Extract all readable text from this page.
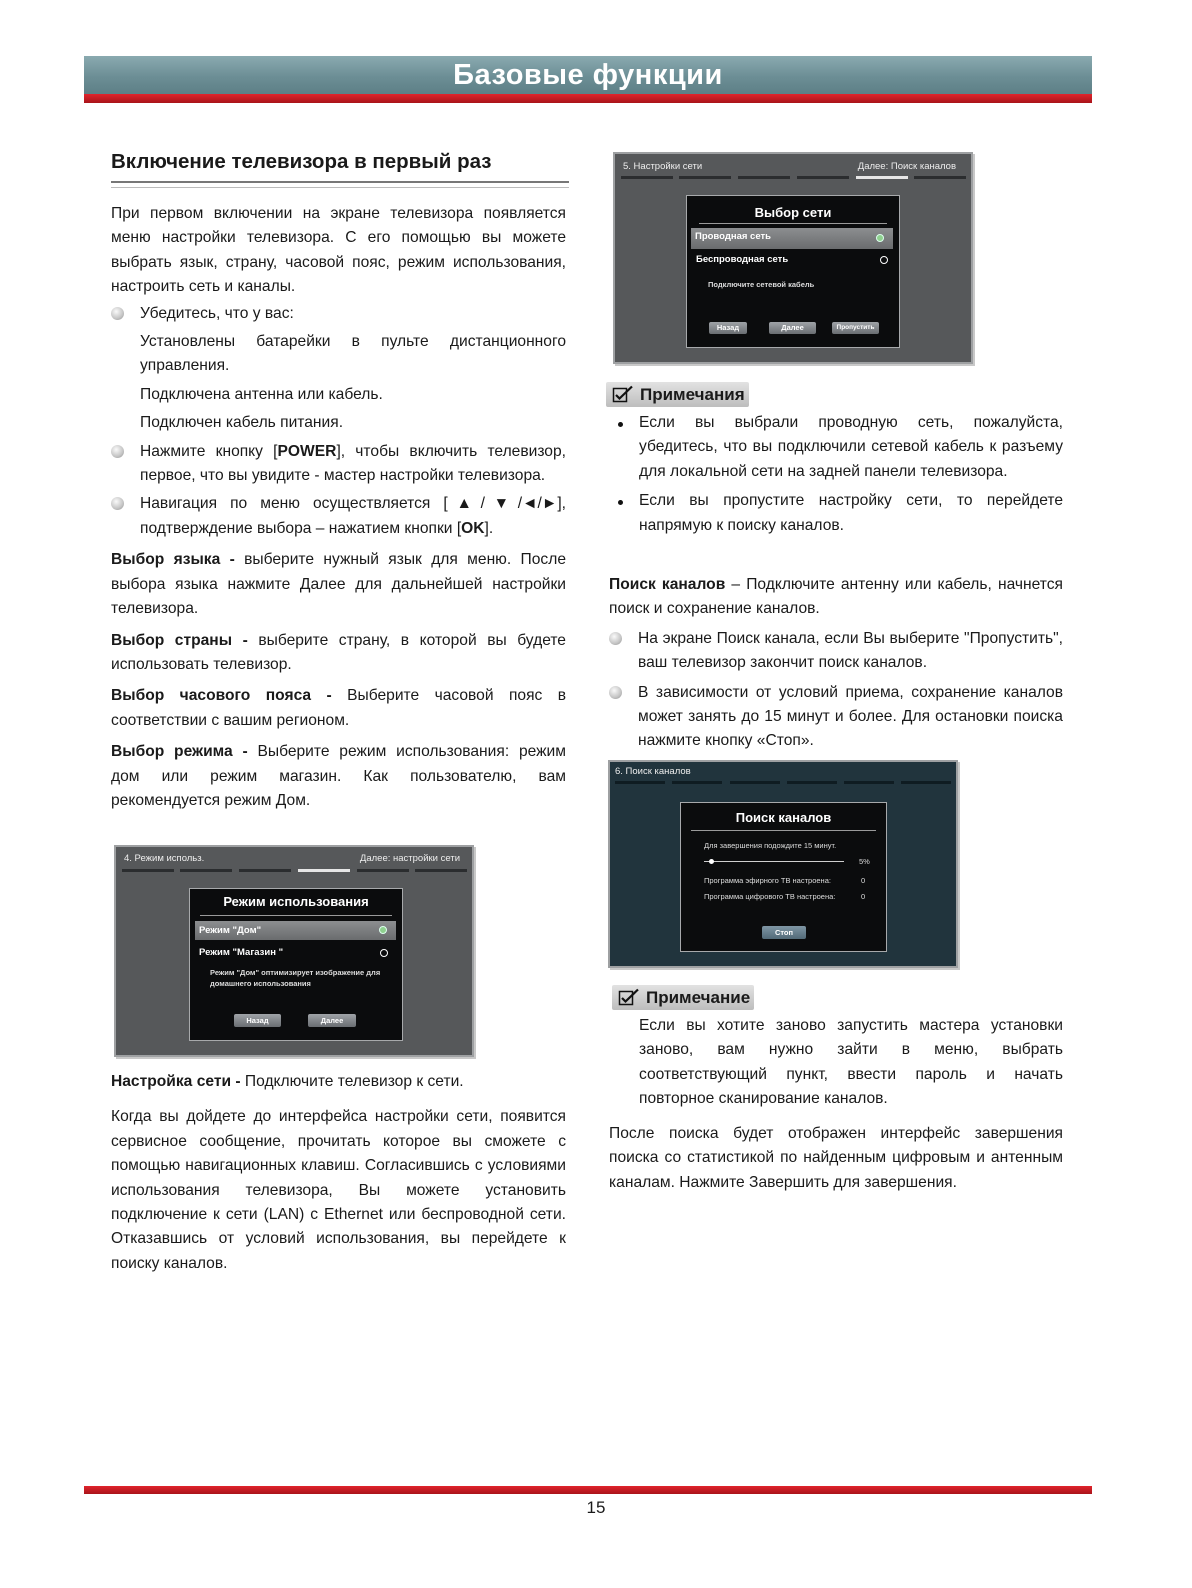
Базовые функции
Включение телевизора в первый раз

При первом включении на экране телевизора появляется меню настройки телевизора. С его помощью вы можете выбрать язык, страну, часовой пояс, режим использования, настроить сеть и каналы.

Убедитесь, что у вас:
Установлены батарейки в пульте дистанционного управления.
Подключена антенна или кабель.
Подключен кабель питания.
Нажмите кнопку [POWER], чтобы включить телевизор, первое, что вы увидите - мастер настройки телевизора.
Навигация по меню осуществляется [▲/▼/◄/►], подтверждение выбора – нажатием кнопки [OK].

Выбор языка - выберите нужный язык для меню. После выбора языка нажмите Далее для дальнейшей настройки телевизора.

Выбор страны - выберите страну, в которой вы будете использовать телевизор.

Выбор часового пояса - Выберите часовой пояс в соответствии с вашим регионом.

Выбор режима - Выберите режим использования: режим дом или режим магазин. Как пользователю, вам рекомендуется режим Дом.

4. Режим использ.	Далее: настройки сети
Режим использования
Режим "Дом"
Режим "Магазин "
Режим "Дом" оптимизирует изображение для домашнего использования
Назад	Далее

Настройка сети - Подключите телевизор к сети.

Когда вы дойдете до интерфейса настройки сети, появится сервисное сообщение, прочитать которое вы сможете с помощью навигационных клавиш. Согласившись с условиями использования телевизора, Вы можете установить подключение к сети (LAN) с Ethernet или беспроводной сети. Отказавшись от условий использования, вы перейдете к поиску каналов.

5. Настройки сети	Далее: Поиск каналов
Выбор сети
Проводная сеть
Беспроводная сеть
Подключите сетевой кабель
Назад	Далее	Пропустить
Примечания
Если вы выбрали проводную сеть, пожалуйста, убедитесь, что вы подключили сетевой кабель к разъему для локальной сети на задней панели телевизора.
Если вы пропустите настройку сети, то перейдете напрямую к поиску каналов.

Поиск каналов – Подключите антенну или кабель, начнется поиск и сохранение каналов.

На экране Поиск канала, если Вы выберите "Пропустить", ваш телевизор закончит поиск каналов.
В зависимости от условий приема, сохранение каналов может занять до 15 минут и более. Для остановки поиска нажмите кнопку «Стоп».
6. Поиск каналов
Поиск каналов
Для завершения подождите 15 минут.
5%
Программа эфирного ТВ настроена:	0
Программа цифрового ТВ настроена:	0
Стоп
Примечание

Если вы хотите заново запустить мастера установки заново, вам нужно зайти в меню, выбрать соответствующий пункт, ввести пароль и начать повторное сканирование каналов.

После поиска будет отображен интерфейс завершения поиска со статистикой по найденным цифровым и антенным каналам. Нажмите Завершить для завершения.

15
